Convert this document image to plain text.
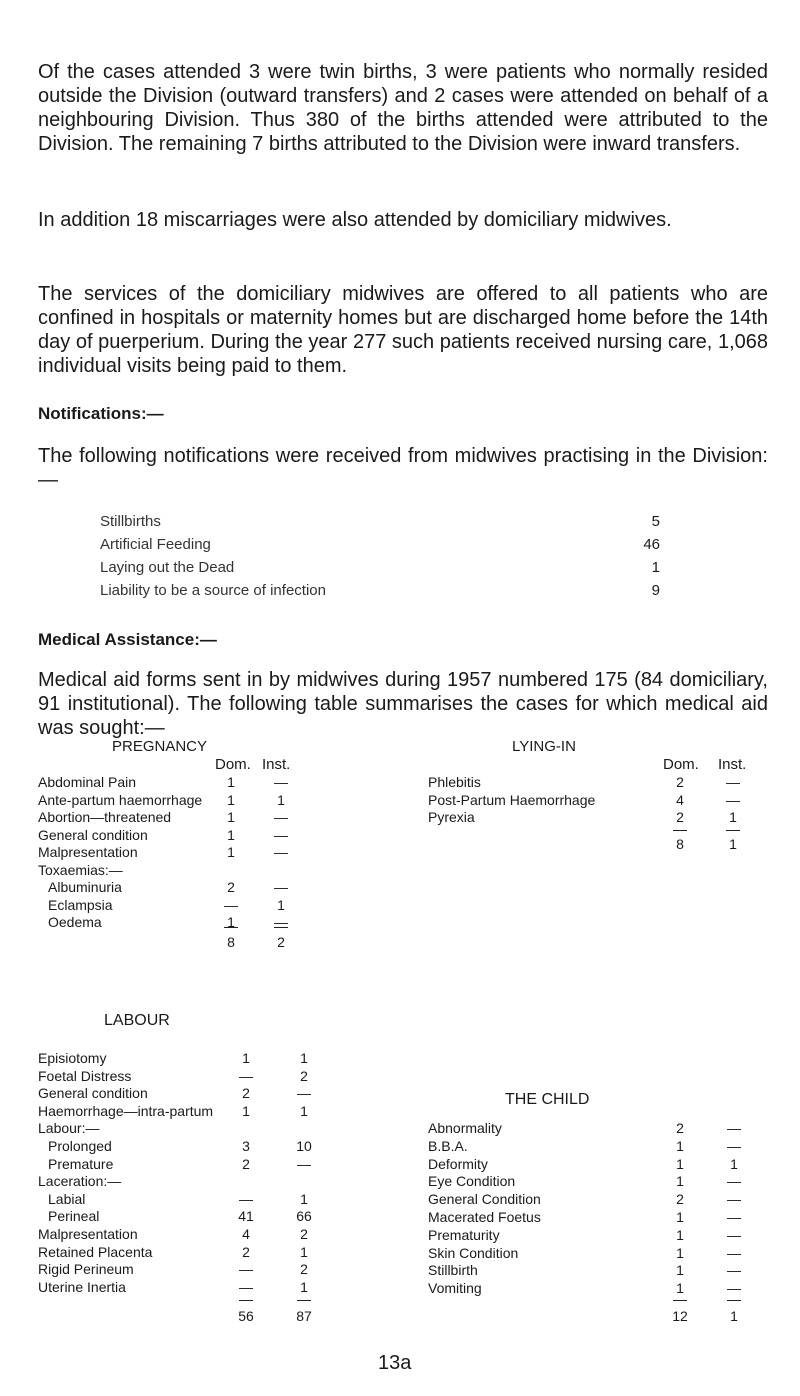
Of the cases attended 3 were twin births, 3 were patients who normally resided outside the Division (outward transfers) and 2 cases were attended on behalf of a neighbouring Division. Thus 380 of the births attended were attributed to the Division. The remaining 7 births attributed to the Division were inward transfers.

In addition 18 miscarriages were also attended by domiciliary midwives.

The services of the domiciliary midwives are offered to all patients who are confined in hospitals or maternity homes but are discharged home before the 14th day of puerperium. During the year 277 such patients received nursing care, 1,068 individual visits being paid to them.

Notifications:—

The following notifications were received from midwives practising in the Division:—

Stillbirths	5
Artificial Feeding	46
Laying out the Dead	1
Liability to be a source of infection	9

Medical Assistance:—

Medical aid forms sent in by midwives during 1957 numbered 175 (84 domiciliary, 91 institutional). The following table summarises the cases for which medical aid was sought:—

PREGNANCY
Dom. Inst.
Abdominal Pain	1	—
Ante-partum haemorrhage	1	1
Abortion—threatened	1	—
General condition	1	—
Malpresentation	1	—
Toxaemias:—
Albuminuria	2	—
Eclampsia	—	1
Oedema	1	—
8	2
LYING-IN
Dom. Inst.
Phlebitis	2	—
Post-Partum Haemorrhage	4	—
Pyrexia	2	1
8	1
LABOUR
Episiotomy	1	1
Foetal Distress	—	2
General condition	2	—
Haemorrhage—intra-partum	1	1
Labour:—
Prolonged	3	10
Premature	2	—
Laceration:—
Labial	—	1
Perineal	41	66
Malpresentation	4	2
Retained Placenta	2	1
Rigid Perineum	—	2
Uterine Inertia	—	1
56	87
THE CHILD
Abnormality	2	—
B.B.A.	1	—
Deformity	1	1
Eye Condition	1	—
General Condition	2	—
Macerated Foetus	1	—
Prematurity	1	—
Skin Condition	1	—
Stillbirth	1	—
Vomiting	1	—
12	1
13a
